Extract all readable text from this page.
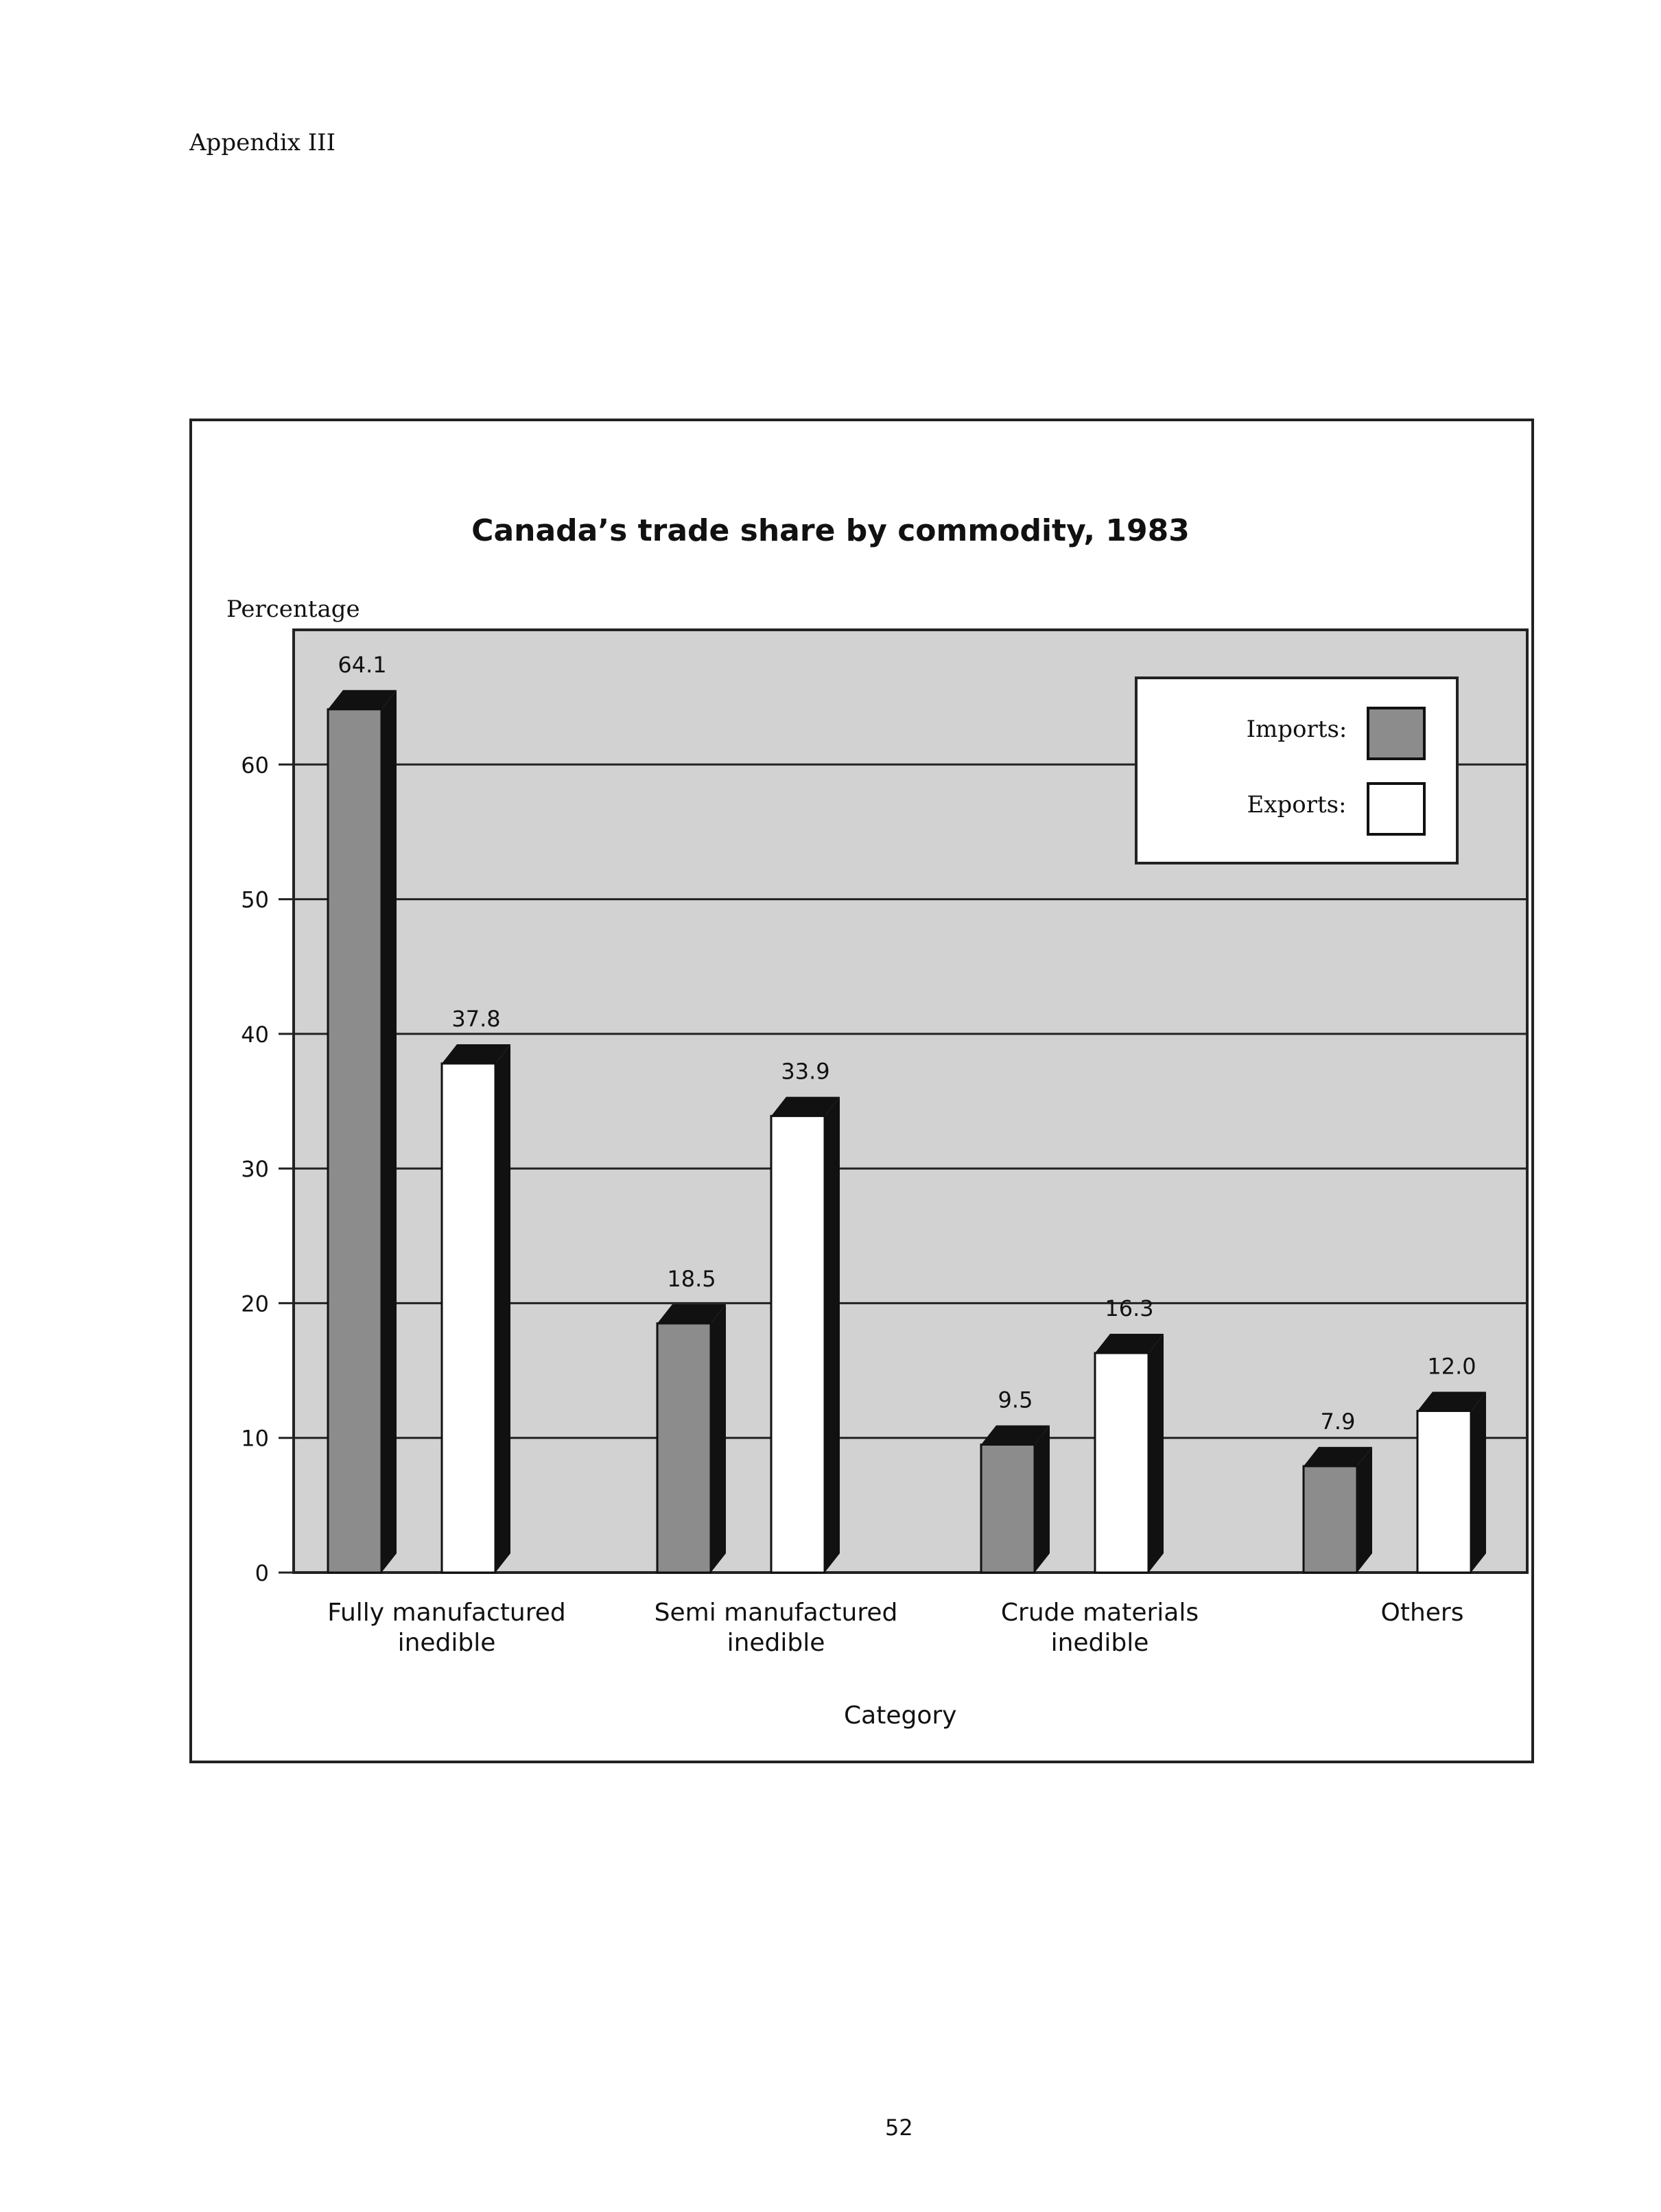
Appendix III
Canada’s trade share by commodity, 1983
Percentage
Category
0
10
20
30
40
50
60
64.1
18.5
9.5
7.9
37.8
33.9
16.3
12.0
Fully manufactured
inedible
Semi manufactured
inedible
Crude materials
inedible
Others
Imports:
Exports:
52
